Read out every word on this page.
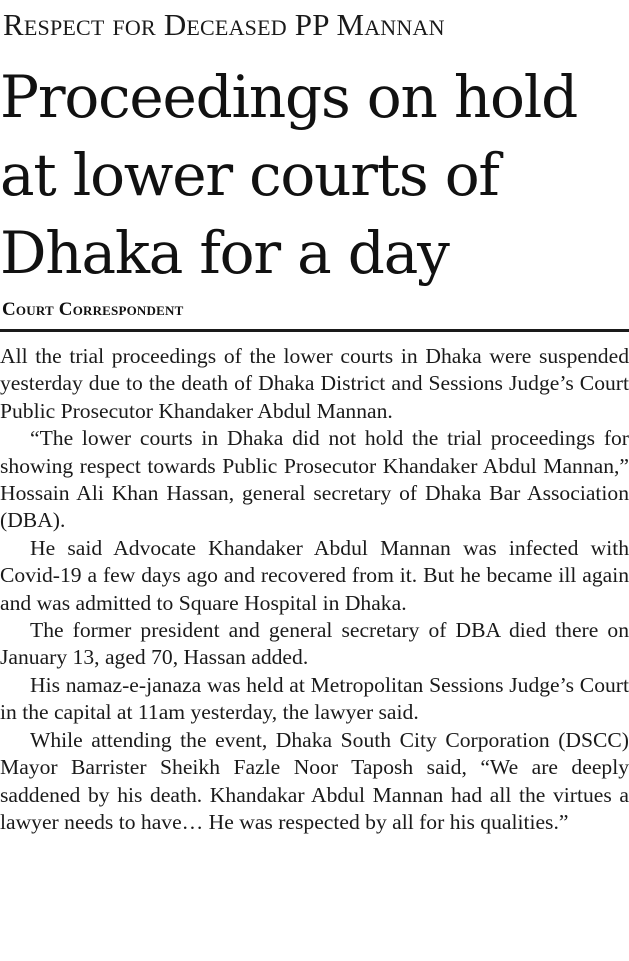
Respect for Deceased PP Mannan
Proceedings on hold
at lower courts of
Dhaka for a day
Court Correspondent

All the trial proceedings of the lower courts in Dhaka were suspended yesterday due to the death of Dhaka District and Sessions Judge’s Court Public Prosecutor Khandaker Abdul Mannan.

“The lower courts in Dhaka did not hold the trial proceedings for showing respect towards Public Prosecutor Khandaker Abdul Mannan,” Hossain Ali Khan Hassan, general secretary of Dhaka Bar Association (DBA).

He said Advocate Khandaker Abdul Mannan was infected with Covid-19 a few days ago and recovered from it. But he became ill again and was admitted to Square Hospital in Dhaka.

The former president and general secretary of DBA died there on January 13, aged 70, Hassan added.

His namaz-e-janaza was held at Metropolitan Sessions Judge’s Court in the capital at 11am yesterday, the lawyer said.

While attending the event, Dhaka South City Corporation (DSCC) Mayor Barrister Sheikh Fazle Noor Taposh said, “We are deeply saddened by his death. Khandakar Abdul Mannan had all the virtues a lawyer needs to have… He was respected by all for his qualities.”
